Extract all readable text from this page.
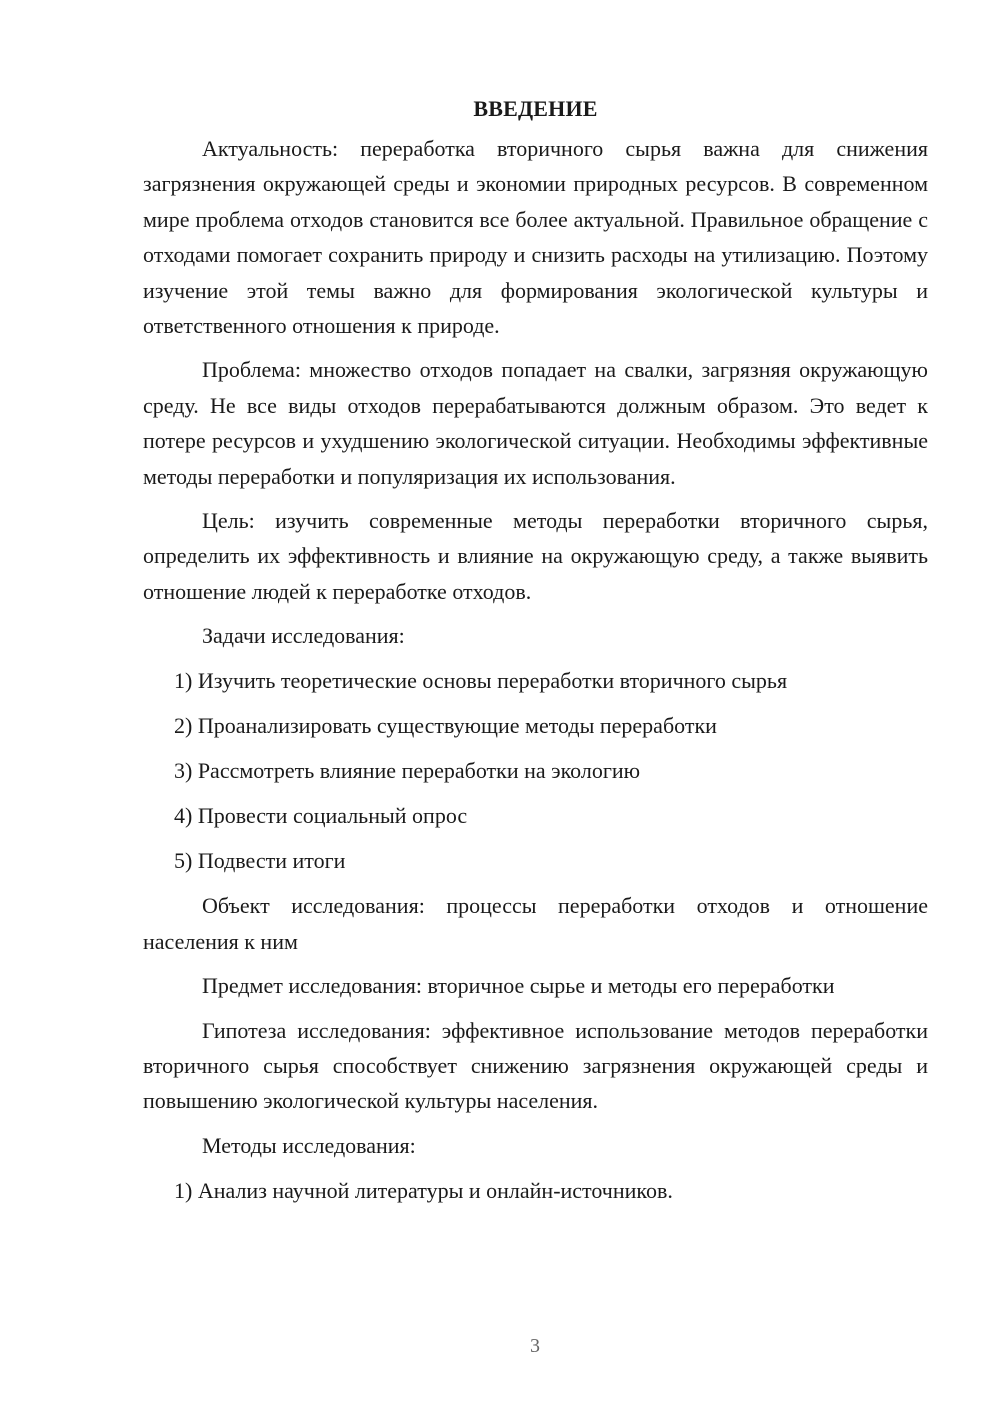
ВВЕДЕНИЕ

Актуальность: переработка вторичного сырья важна для снижения загрязнения окружающей среды и экономии природных ресурсов. В современном мире проблема отходов становится все более актуальной. Правильное обращение с отходами помогает сохранить природу и снизить расходы на утилизацию. Поэтому изучение этой темы важно для формирования экологической культуры и ответственного отношения к природе.

Проблема: множество отходов попадает на свалки, загрязняя окружающую среду. Не все виды отходов перерабатываются должным образом. Это ведет к потере ресурсов и ухудшению экологической ситуации. Необходимы эффективные методы переработки и популяризация их использования.

Цель: изучить современные методы переработки вторичного сырья, определить их эффективность и влияние на окружающую среду, а также выявить отношение людей к переработке отходов.

Задачи исследования:

1) Изучить теоретические основы переработки вторичного сырья
2) Проанализировать существующие методы переработки
3) Рассмотреть влияние переработки на экологию
4) Провести социальный опрос
5) Подвести итоги

Объект исследования: процессы переработки отходов и отношение населения к ним

Предмет исследования: вторичное сырье и методы его переработки

Гипотеза исследования: эффективное использование методов переработки вторичного сырья способствует снижению загрязнения окружающей среды и повышению экологической культуры населения.

Методы исследования:

1) Анализ научной литературы и онлайн-источников.
3
